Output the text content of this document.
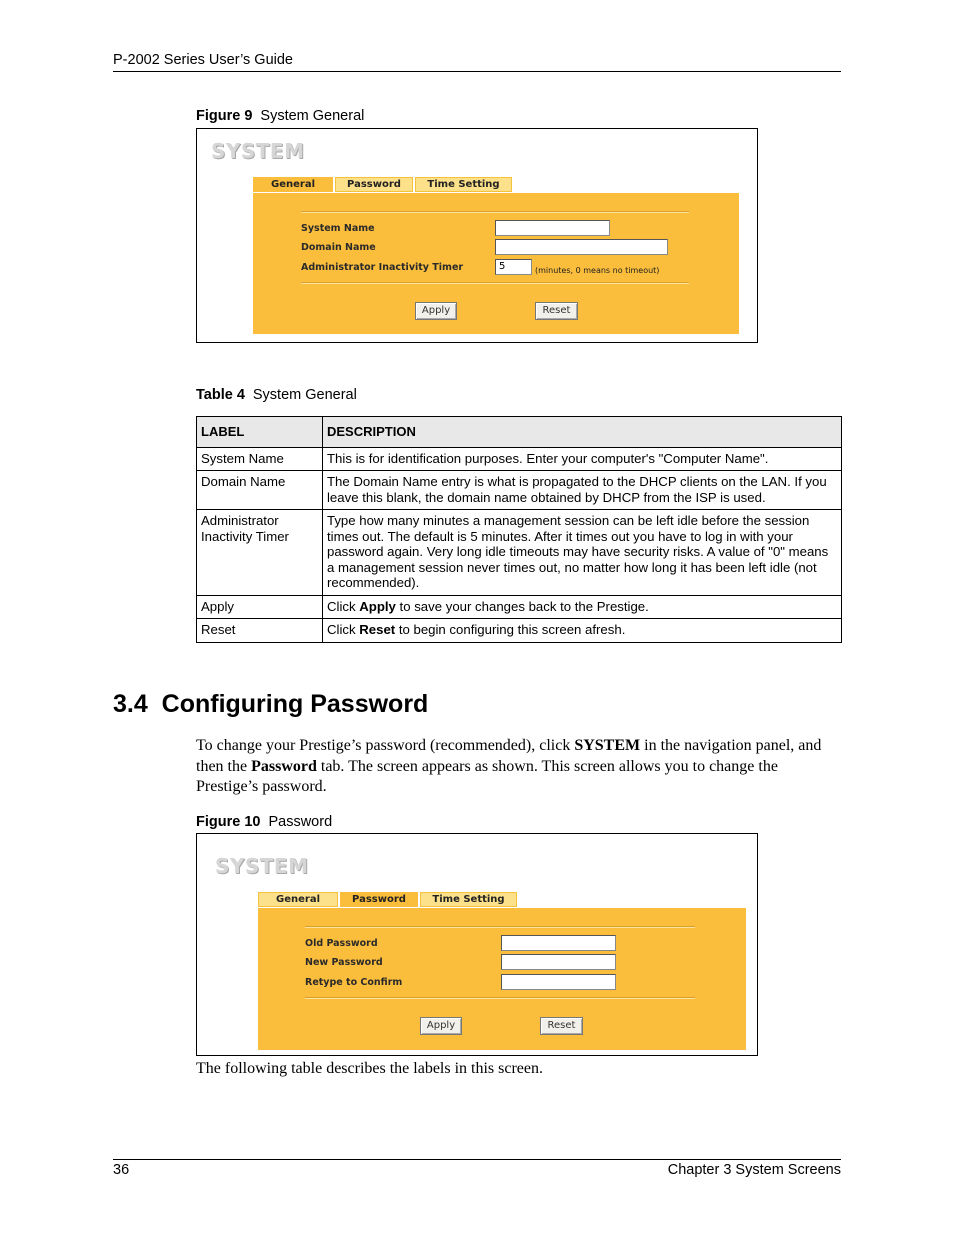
P-2002 Series User’s Guide
Figure 9 System General
SYSTEM
General	Password	Time Setting
System Name
Domain Name
Administrator Inactivity Timer	5	(minutes, 0 means no timeout)
Apply	Reset
Table 4 System General
LABEL	DESCRIPTION
System Name	This is for identification purposes. Enter your computer's "Computer Name".
Domain Name	The Domain Name entry is what is propagated to the DHCP clients on the LAN. If you leave this blank, the domain name obtained by DHCP from the ISP is used.
Administrator Inactivity Timer	Type how many minutes a management session can be left idle before the session times out. The default is 5 minutes. After it times out you have to log in with your password again. Very long idle timeouts may have security risks. A value of "0" means a management session never times out, no matter how long it has been left idle (not recommended).
Apply	Click Apply to save your changes back to the Prestige.
Reset	Click Reset to begin configuring this screen afresh.
3.4  Configuring Password
To change your Prestige’s password (recommended), click SYSTEM in the navigation panel, and then the Password tab. The screen appears as shown. This screen allows you to change the Prestige’s password.
Figure 10 Password
SYSTEM
General	Password	Time Setting
Old Password
New Password
Retype to Confirm
Apply	Reset
The following table describes the labels in this screen.
36	Chapter 3 System Screens
